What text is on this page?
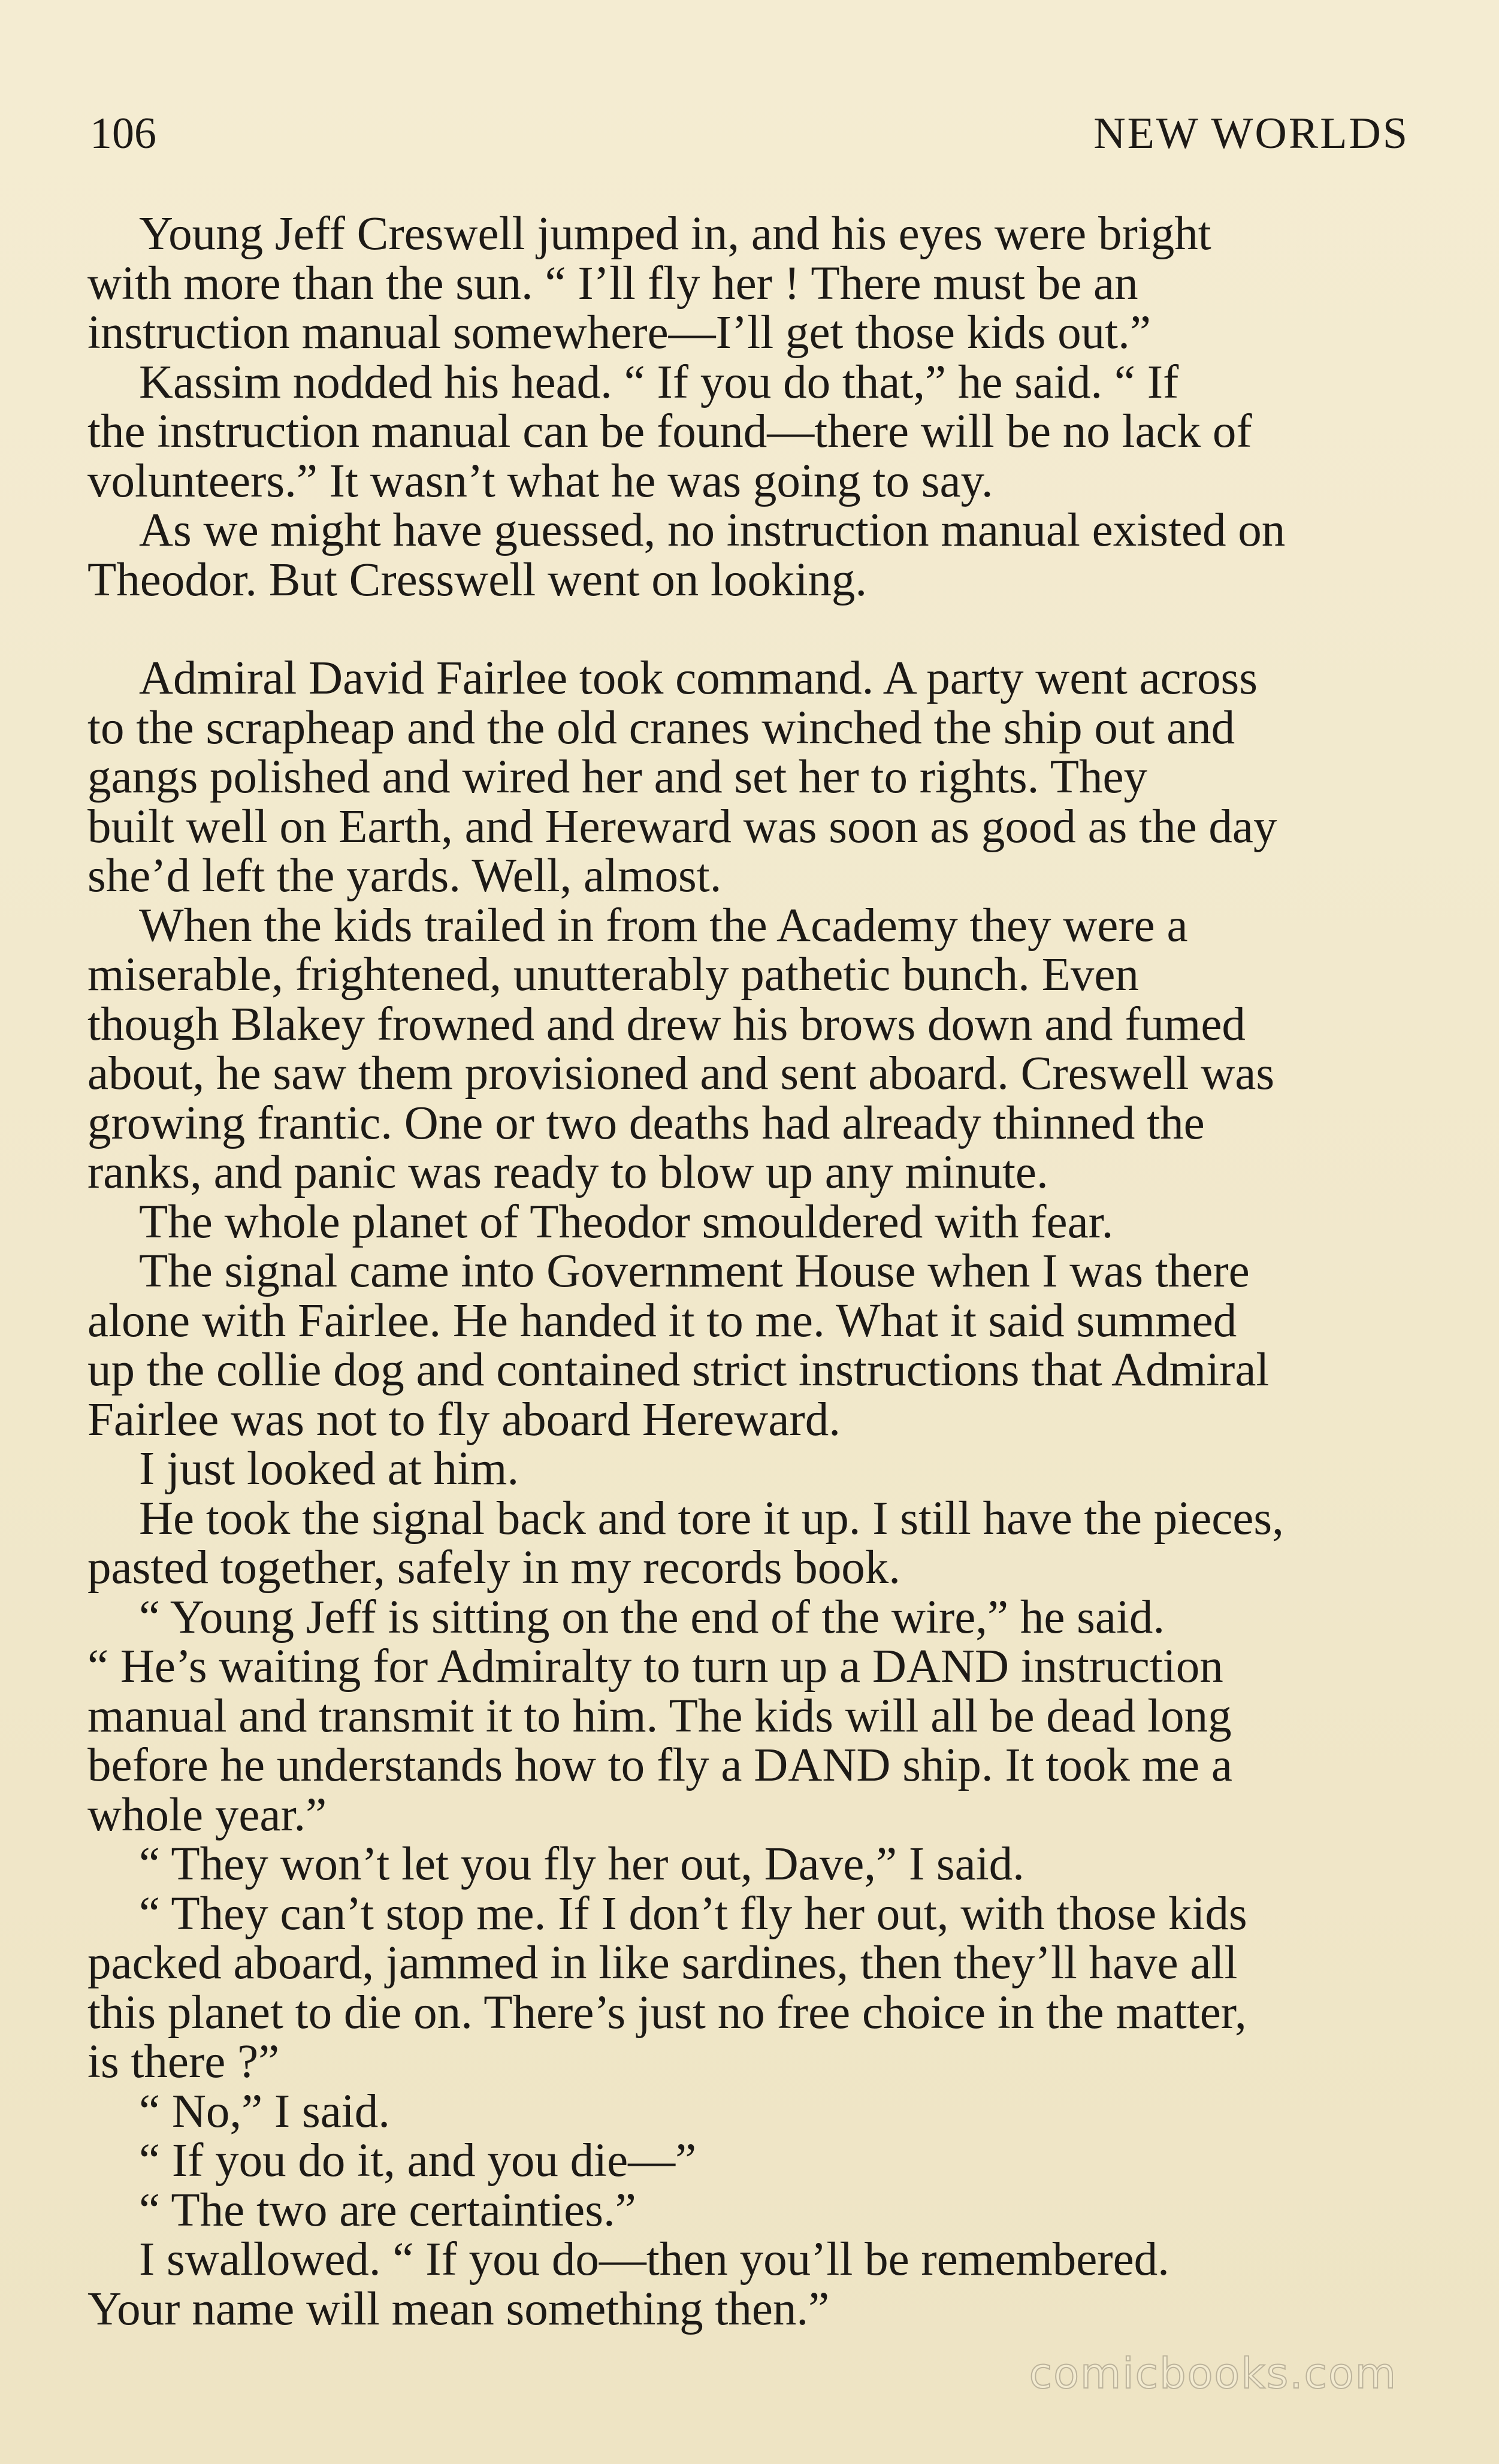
106	NEW WORLDS

Young Jeff Creswell jumped in, and his eyes were bright
with more than the sun. “ I’ll fly her ! There must be an
instruction manual somewhere—I’ll get those kids out.”

Kassim nodded his head. “ If you do that,” he said. “ If
the instruction manual can be found—there will be no lack of
volunteers.” It wasn’t what he was going to say.

As we might have guessed, no instruction manual existed on
Theodor. But Cresswell went on looking.

Admiral David Fairlee took command. A party went across
to the scrapheap and the old cranes winched the ship out and
gangs polished and wired her and set her to rights. They
built well on Earth, and Hereward was soon as good as the day
she’d left the yards. Well, almost.

When the kids trailed in from the Academy they were a
miserable, frightened, unutterably pathetic bunch. Even
though Blakey frowned and drew his brows down and fumed
about, he saw them provisioned and sent aboard. Creswell was
growing frantic. One or two deaths had already thinned the
ranks, and panic was ready to blow up any minute.

The whole planet of Theodor smouldered with fear.

The signal came into Government House when I was there
alone with Fairlee. He handed it to me. What it said summed
up the collie dog and contained strict instructions that Admiral
Fairlee was not to fly aboard Hereward.

I just looked at him.

He took the signal back and tore it up. I still have the pieces,
pasted together, safely in my records book.

“ Young Jeff is sitting on the end of the wire,” he said.
“ He’s waiting for Admiralty to turn up a DAND instruction
manual and transmit it to him. The kids will all be dead long
before he understands how to fly a DAND ship. It took me a
whole year.”

“ They won’t let you fly her out, Dave,” I said.

“ They can’t stop me. If I don’t fly her out, with those kids
packed aboard, jammed in like sardines, then they’ll have all
this planet to die on. There’s just no free choice in the matter,
is there ?”

“ No,” I said.

“ If you do it, and you die—”

“ The two are certainties.”

I swallowed. “ If you do—then you’ll be remembered.
Your name will mean something then.”

comicbooks.com
